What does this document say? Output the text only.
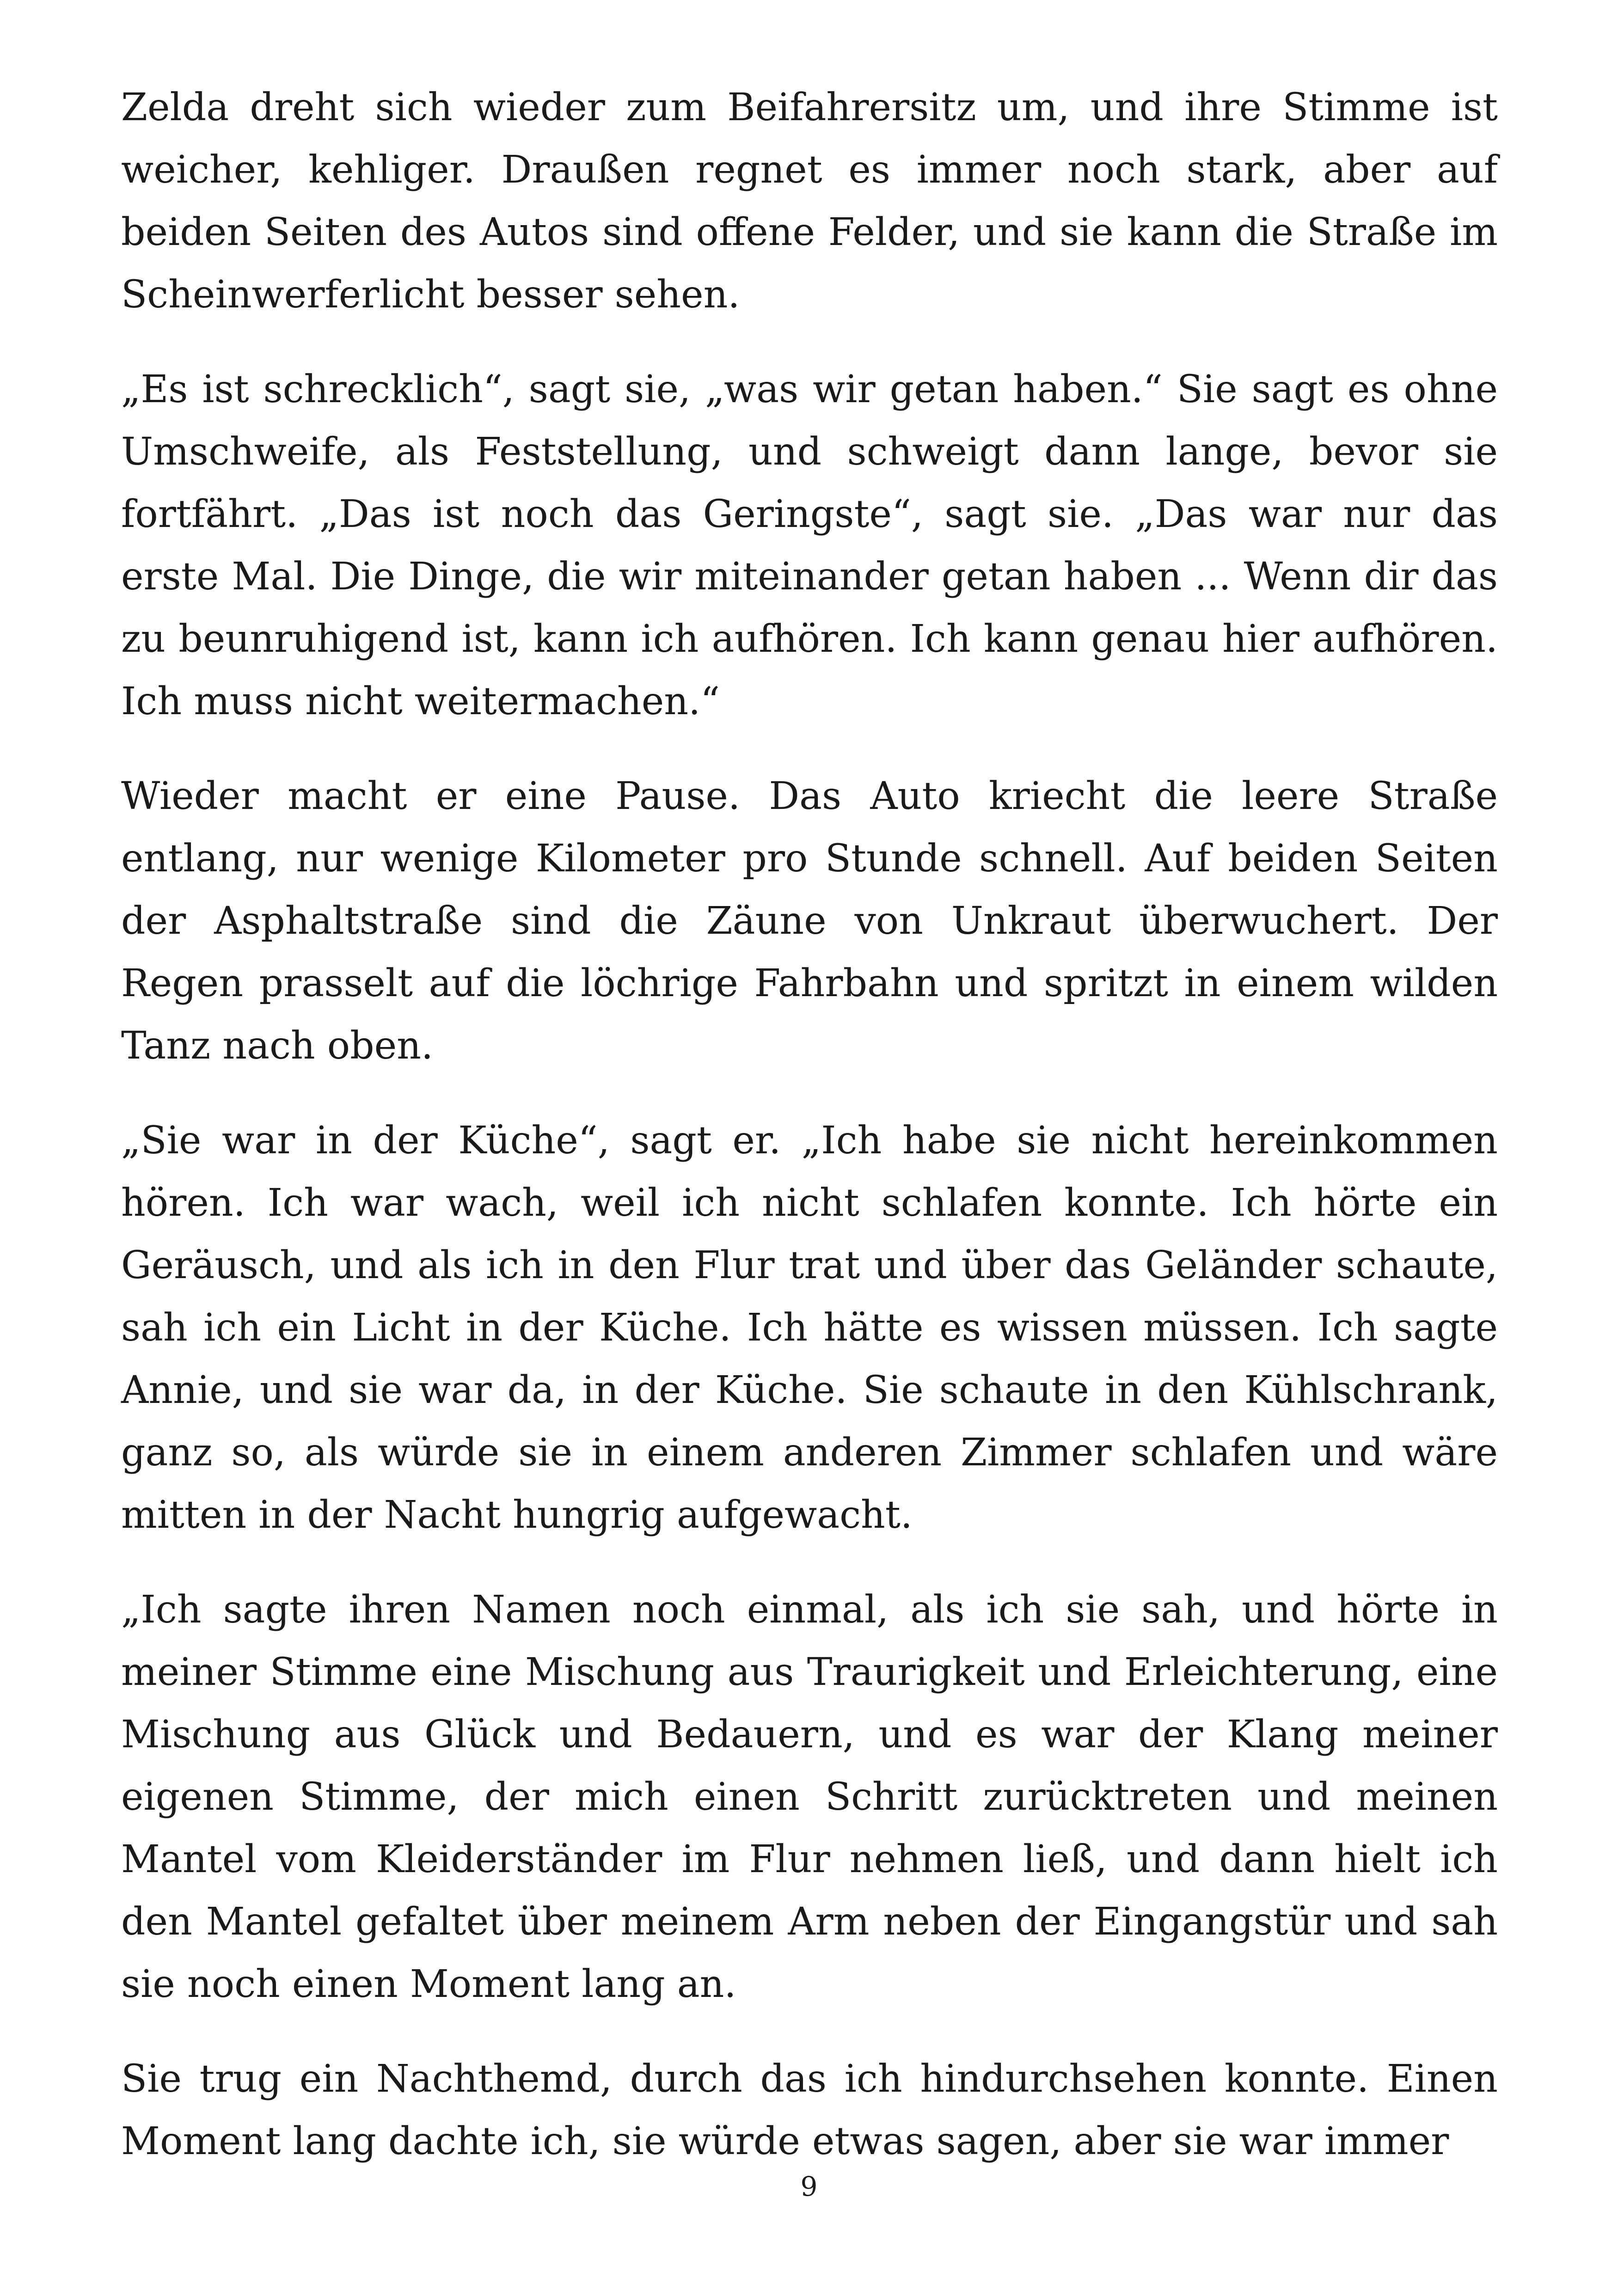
Zelda dreht sich wieder zum Beifahrersitz um, und ihre Stimme ist weicher, kehliger. Draußen regnet es immer noch stark, aber auf beiden Seiten des Autos sind offene Felder, und sie kann die Straße im Scheinwerferlicht besser sehen.

„Es ist schrecklich“, sagt sie, „was wir getan haben.“ Sie sagt es ohne Umschweife, als Feststellung, und schweigt dann lange, bevor sie fortfährt. „Das ist noch das Geringste“, sagt sie. „Das war nur das erste Mal. Die Dinge, die wir miteinander getan haben ... Wenn dir das zu beunruhigend ist, kann ich aufhören. Ich kann genau hier aufhören. Ich muss nicht weitermachen.“

Wieder macht er eine Pause. Das Auto kriecht die leere Straße entlang, nur wenige Kilometer pro Stunde schnell. Auf beiden Seiten der Asphaltstraße sind die Zäune von Unkraut überwuchert. Der Regen prasselt auf die löchrige Fahrbahn und spritzt in einem wilden Tanz nach oben.

„Sie war in der Küche“, sagt er. „Ich habe sie nicht hereinkommen hören. Ich war wach, weil ich nicht schlafen konnte. Ich hörte ein Geräusch, und als ich in den Flur trat und über das Geländer schaute, sah ich ein Licht in der Küche. Ich hätte es wissen müssen. Ich sagte Annie, und sie war da, in der Küche. Sie schaute in den Kühlschrank, ganz so, als würde sie in einem anderen Zimmer schlafen und wäre mitten in der Nacht hungrig aufgewacht.

„Ich sagte ihren Namen noch einmal, als ich sie sah, und hörte in meiner Stimme eine Mischung aus Traurigkeit und Erleichterung, eine Mischung aus Glück und Bedauern, und es war der Klang meiner eigenen Stimme, der mich einen Schritt zurücktreten und meinen Mantel vom Kleiderständer im Flur nehmen ließ, und dann hielt ich den Mantel gefaltet über meinem Arm neben der Eingangstür und sah sie noch einen Moment lang an.

Sie trug ein Nachthemd, durch das ich hindurchsehen konnte. Einen Moment lang dachte ich, sie würde etwas sagen, aber sie war immer

9
